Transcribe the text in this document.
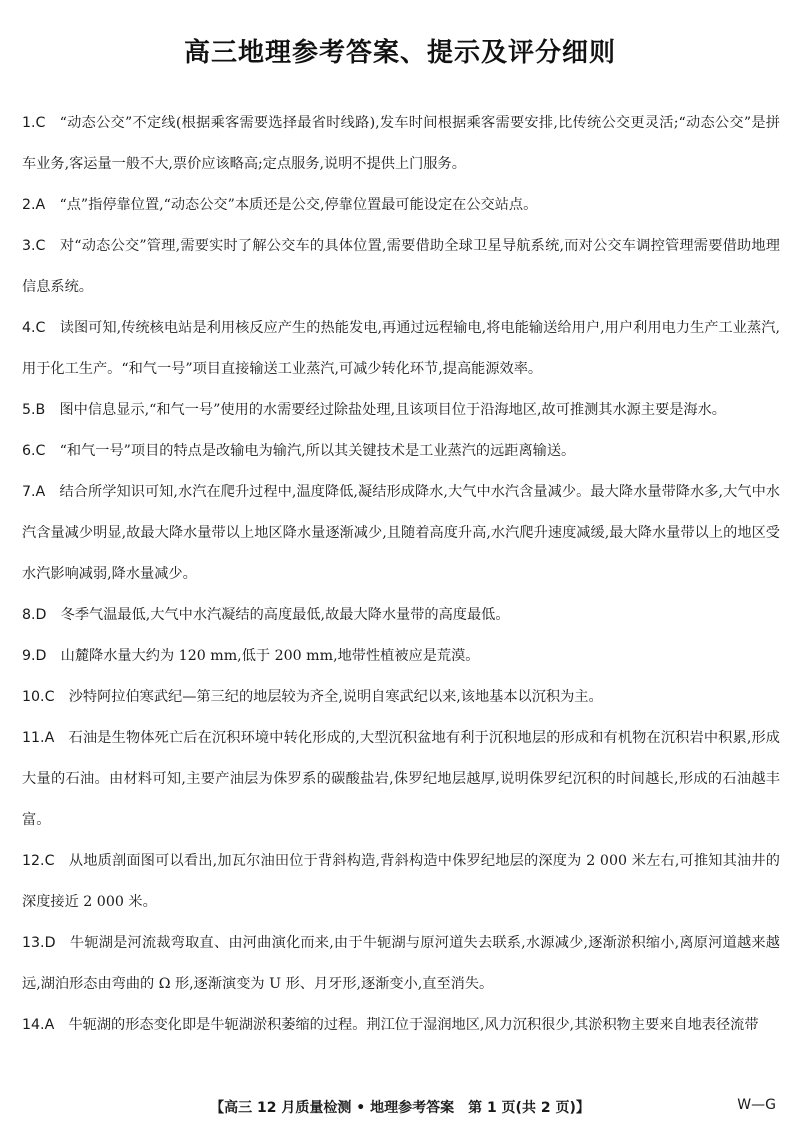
高三地理参考答案、提示及评分细则
1.C  “动态公交”不定线(根据乘客需要选择最省时线路),发车时间根据乘客需要安排,比传统公交更灵活;“动态公交”是拼车业务,客运量一般不大,票价应该略高;定点服务,说明不提供上门服务。
2.A  “点”指停靠位置,“动态公交”本质还是公交,停靠位置最可能设定在公交站点。
3.C  对“动态公交”管理,需要实时了解公交车的具体位置,需要借助全球卫星导航系统,而对公交车调控管理需要借助地理信息系统。
4.C  读图可知,传统核电站是利用核反应产生的热能发电,再通过远程输电,将电能输送给用户,用户利用电力生产工业蒸汽,用于化工生产。“和气一号”项目直接输送工业蒸汽,可减少转化环节,提高能源效率。
5.B  图中信息显示,“和气一号”使用的水需要经过除盐处理,且该项目位于沿海地区,故可推测其水源主要是海水。
6.C  “和气一号”项目的特点是改输电为输汽,所以其关键技术是工业蒸汽的远距离输送。
7.A  结合所学知识可知,水汽在爬升过程中,温度降低,凝结形成降水,大气中水汽含量减少。最大降水量带降水多,大气中水汽含量减少明显,故最大降水量带以上地区降水量逐渐减少,且随着高度升高,水汽爬升速度减缓,最大降水量带以上的地区受水汽影响减弱,降水量减少。
8.D  冬季气温最低,大气中水汽凝结的高度最低,故最大降水量带的高度最低。
9.D  山麓降水量大约为 120 mm,低于 200 mm,地带性植被应是荒漠。
10.C  沙特阿拉伯寒武纪—第三纪的地层较为齐全,说明自寒武纪以来,该地基本以沉积为主。
11.A  石油是生物体死亡后在沉积环境中转化形成的,大型沉积盆地有利于沉积地层的形成和有机物在沉积岩中积累,形成大量的石油。由材料可知,主要产油层为侏罗系的碳酸盐岩,侏罗纪地层越厚,说明侏罗纪沉积的时间越长,形成的石油越丰富。
12.C  从地质剖面图可以看出,加瓦尔油田位于背斜构造,背斜构造中侏罗纪地层的深度为 2 000 米左右,可推知其油井的深度接近 2 000 米。
13.D  牛轭湖是河流裁弯取直、由河曲演化而来,由于牛轭湖与原河道失去联系,水源减少,逐渐淤积缩小,离原河道越来越远,湖泊形态由弯曲的 Ω 形,逐渐演变为 U 形、月牙形,逐渐变小,直至消失。
14.A  牛轭湖的形态变化即是牛轭湖淤积萎缩的过程。荆江位于湿润地区,风力沉积很少,其淤积物主要来自地表径流带
【高三 12 月质量检测 • 地理参考答案　第 1 页(共 2 页)】	W—G
